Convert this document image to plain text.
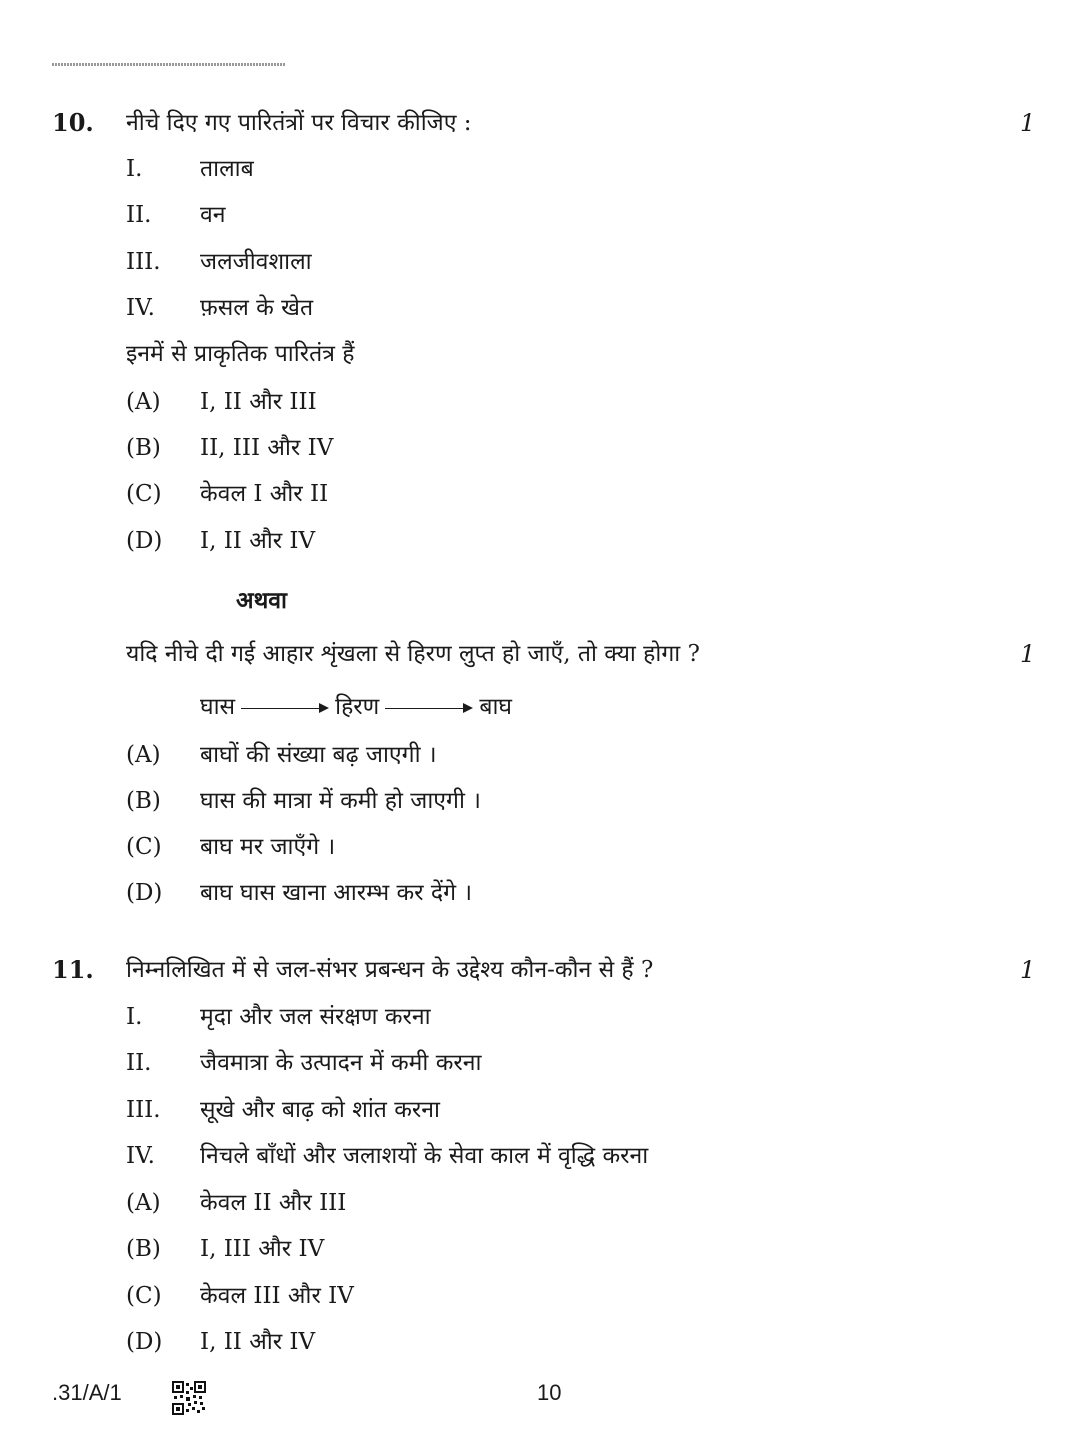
10. नीचे दिए गए पारितंत्रों पर विचार कीजिए :	1
I.	तालाब
II. वन
III. जलजीवशाला
IV. फ़सल के खेत
इनमें से प्राकृतिक पारितंत्र हैं
(A) I, II और III
(B) II, III और IV
(C) केवल I और II
(D) I, II और IV
अथवा
यदि नीचे दी गई आहार शृंखला से हिरण लुप्त हो जाएँ, तो क्या होगा ?	1
घास	हिरण	बाघ
(A) बाघों की संख्या बढ़ जाएगी ।
(B) घास की मात्रा में कमी हो जाएगी ।
(C) बाघ मर जाएँगे ।
(D) बाघ घास खाना आरम्भ कर देंगे ।
11. निम्नलिखित में से जल-संभर प्रबन्धन के उद्देश्य कौन-कौन से हैं ?	1
I.	मृदा और जल संरक्षण करना
II. जैवमात्रा के उत्पादन में कमी करना
III. सूखे और बाढ़ को शांत करना
IV. निचले बाँधों और जलाशयों के सेवा काल में वृद्धि करना
(A) केवल II और III
(B) I, III और IV
(C) केवल III और IV
(D) I, II और IV
.31/A/1	10
